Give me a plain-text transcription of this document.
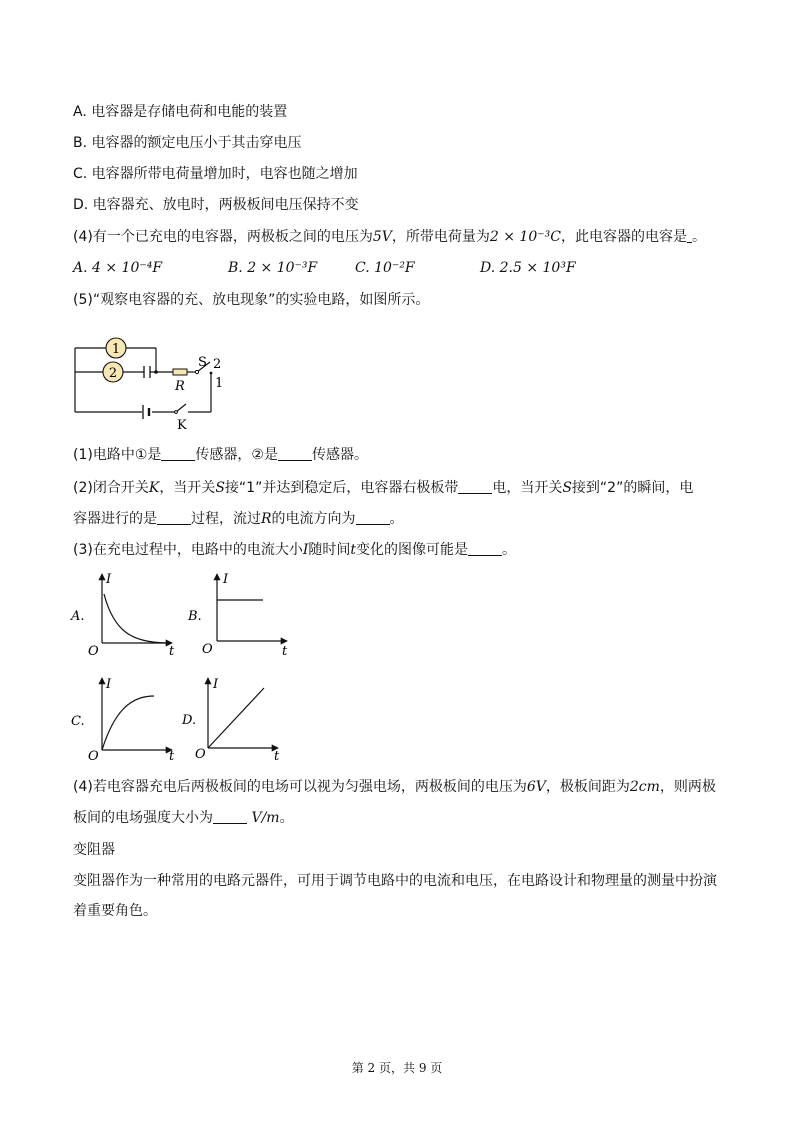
A. 电容器是存储电荷和电能的装置
B. 电容器的额定电压小于其击穿电压
C. 电容器所带电荷量增加时，电容也随之增加
D. 电容器充、放电时，两极板间电压保持不变
(4)有一个已充电的电容器，两极板之间的电压为5V，所带电荷量为2 × 10⁻³C，此电容器的电容是 。
A. 4 × 10⁻⁴F	B. 2 × 10⁻³F	C. 10⁻²F	D. 2.5 × 10³F
(5)“观察电容器的充、放电现象”的实验电路，如图所示。
1
2
R
S 2
1
K
(1)电路中①是 传感器，②是 传感器。
(2)闭合开关K，当开关S接“1”并达到稳定后，电容器右极板带 电，当开关S接到“2”的瞬间，电
容器进行的是 过程，流过R的电流方向为 。
(3)在充电过程中，电路中的电流大小I随时间t变化的图像可能是 。
A.
I
t
O
B.
I
t
O
C.
I
t
O
D.
I
t
O
(4)若电容器充电后两极板间的电场可以视为匀强电场，两极板间的电压为6V，极板间距为2cm，则两极
板间的电场强度大小为	V/m。
变阻器
变阻器作为一种常用的电路元器件，可用于调节电路中的电流和电压，在电路设计和物理量的测量中扮演着重要角色。
第 2 页，共 9 页
